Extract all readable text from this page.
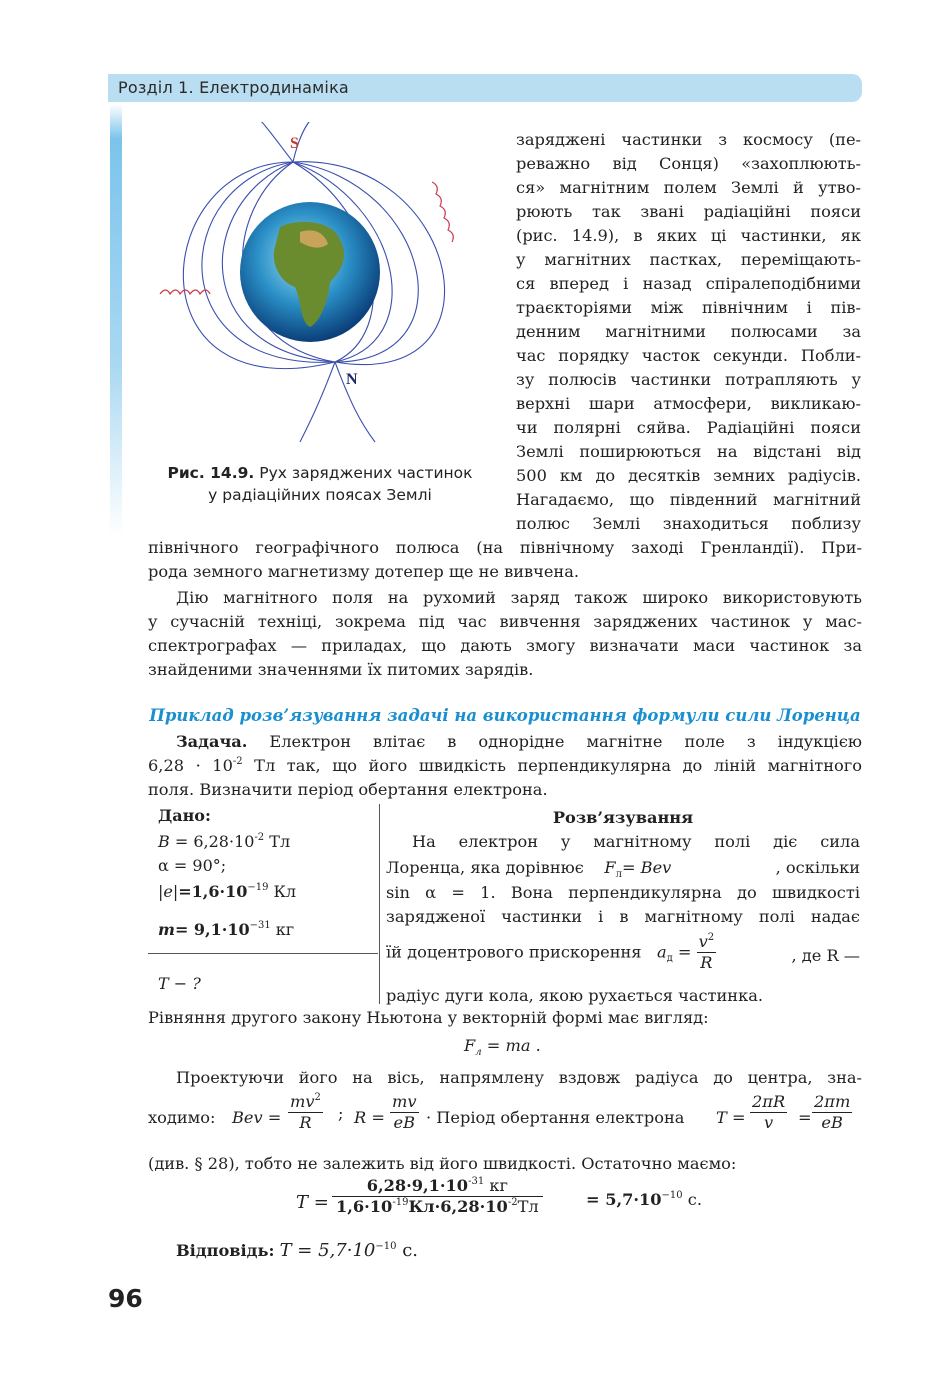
Розділ 1. Електродинаміка
S
N
Рис. 14.9. Рух заряджених частинок
у радіаційних поясах Землі
заряджені частинки з космосу (пе-
реважно від Сонця) «захоплюють-
ся» магнітним полем Землі й утво-
рюють так звані радіаційні пояси
(рис. 14.9), в яких ці частинки, як
у магнітних пастках, переміщають-
ся вперед і назад спіралеподібними
траєкторіями між північним і пів-
денним магнітними полюсами за
час порядку часток секунди. Побли-
зу полюсів частинки потрапляють у
верхні шари атмосфери, викликаю-
чи полярні сяйва. Радіаційні пояси
Землі поширюються на відстані від
500 км до десятків земних радіусів.
Нагадаємо, що південний магнітний
полюс Землі знаходиться поблизу
північного географічного полюса (на північному заході Гренландії). При-
рода земного магнетизму дотепер ще не вивчена.
Дію магнітного поля на рухомий заряд також широко використовують
у сучасній техніці, зокрема під час вивчення заряджених частинок у мас-
спектрографах — приладах, що дають змогу визначати маси частинок за
знайденими значеннями їх питомих зарядів.
Приклад розв’язування задачі на використання формули сили Лоренца
Задача. Електрон влітає в однорідне магнітне поле з індукцією
$6,28 \cdot 10^{-2}$ Тл так, що його швидкість перпендикулярна до ліній магнітного
поля. Визначити період обертання електрона.
Дано:
$B = 6,28\cdot 10^{-2}$ Тл
α = 90°;
$|e|=1,6\cdot 10^{-19}$ Кл
$m= 9,1\cdot 10^{-31}$ кг
T − ?
Розв’язування
На електрон у магнітному полі діє сила
Лоренца, яка дорівнює $F_л=$ Bev	, оскільки
sin α = 1. Вона перпендикулярна до швидкості
зарядженої частинки і в магнітному полі надає
їй доцентрового прискорення $a_д = \frac{v^2}{R}$	, де R —
радіус дуги кола, якою рухається частинка.
Рівняння другого закону Ньютона у векторній формі має вигляд:
$F_л$ = ma .
Проектуючи його на вісь, напрямлену вздовж радіуса до центра, зна-
ходимо: Bev = $\frac{mv^2}{R}$ ; $R = \frac{mv}{eB}$ · Період обертання електрона $T = \frac{2\pi R}{v} = \frac{2\pi m}{eB}$
(див. § 28), тобто не залежить від його швидкості. Остаточно маємо:
T =
$6,28\cdot 9,1\cdot 10^{-31}$ кг
$1,6\cdot 10^{-19}Кл\cdot 6,28\cdot 10^{-2}Тл$	= $5,7\cdot 10^{-10}$ с.
Відповідь: $T = 5,7\cdot 10^{-10}$ с.
96
